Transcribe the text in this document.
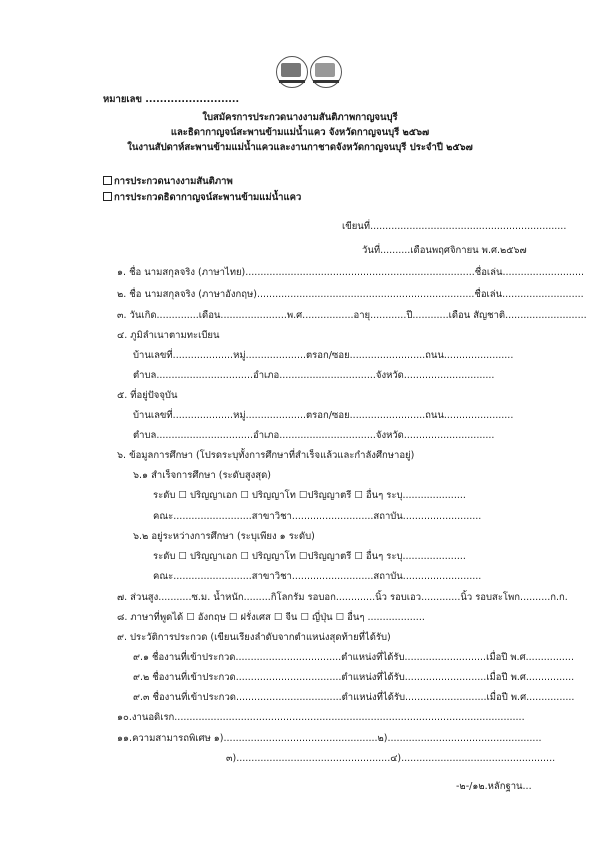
หมายเลข ..........................
ใบสมัครการประกวดนางงามสันติภาพกาญจนบุรี
และธิดากาญจน์สะพานข้ามแม่น้ำแคว จังหวัดกาญจนบุรี ๒๕๖๗
ในงานสัปดาห์สะพานข้ามแม่น้ำแควและงานกาชาดจังหวัดกาญจนบุรี ประจำปี ๒๕๖๗
การประกวดนางงามสันติภาพ
การประกวดธิดากาญจน์สะพานข้ามแม่น้ำแคว
เขียนที่.................................................................
วันที่..........เดือนพฤศจิกายน พ.ศ.๒๕๖๗
๑. ชื่อ นามสกุลจริง (ภาษาไทย)............................................................................ชื่อเล่น...........................
๒. ชื่อ นามสกุลจริง (ภาษาอังกฤษ)........................................................................ชื่อเล่น...........................
๓. วันเกิด..............เดือน......................พ.ศ.................อายุ............ปี............เดือน สัญชาติ...........................
๔. ภูมิลำเนาตามทะเบียน
บ้านเลขที่....................หมู่....................ตรอก/ซอย.........................ถนน.......................
ตำบล................................อำเภอ................................จังหวัด..............................
๕. ที่อยู่ปัจจุบัน
บ้านเลขที่....................หมู่....................ตรอก/ซอย.........................ถนน.......................
ตำบล................................อำเภอ................................จังหวัด..............................
๖. ข้อมูลการศึกษา (โปรดระบุทั้งการศึกษาที่สำเร็จแล้วและกำลังศึกษาอยู่)
๖.๑ สำเร็จการศึกษา (ระดับสูงสุด)
ระดับ ☐ ปริญญาเอก ☐ ปริญญาโท ☐ปริญญาตรี ☐ อื่นๆ ระบุ.....................
คณะ..........................สาขาวิชา...........................สถาบัน..........................
๖.๒ อยู่ระหว่างการศึกษา (ระบุเพียง ๑ ระดับ)
ระดับ ☐ ปริญญาเอก ☐ ปริญญาโท ☐ปริญญาตรี ☐ อื่นๆ ระบุ.....................
คณะ..........................สาขาวิชา...........................สถาบัน..........................
๗. ส่วนสูง...........ซ.ม. น้ำหนัก.........กิโลกรัม รอบอก.............นิ้ว รอบเอว.............นิ้ว รอบสะโพก..........ก.ก.
๘. ภาษาที่พูดได้ ☐ อังกฤษ ☐ ฝรั่งเศส ☐ จีน ☐ ญี่ปุ่น ☐ อื่นๆ ...................
๙. ประวัติการประกวด (เขียนเรียงลำดับจากตำแหน่งสุดท้ายที่ได้รับ)
๙.๑ ชื่องานที่เข้าประกวด...................................ตำแหน่งที่ได้รับ...........................เมื่อปี พ.ศ................
๙.๒ ชื่องานที่เข้าประกวด...................................ตำแหน่งที่ได้รับ...........................เมื่อปี พ.ศ................
๙.๓ ชื่องานที่เข้าประกวด...................................ตำแหน่งที่ได้รับ...........................เมื่อปี พ.ศ................
๑๐.งานอดิเรก....................................................................................................................
๑๑.ความสามารถพิเศษ ๑)...................................................๒)...................................................
๓)...................................................๔)...................................................
-๒-/๑๒.หลักฐาน...
